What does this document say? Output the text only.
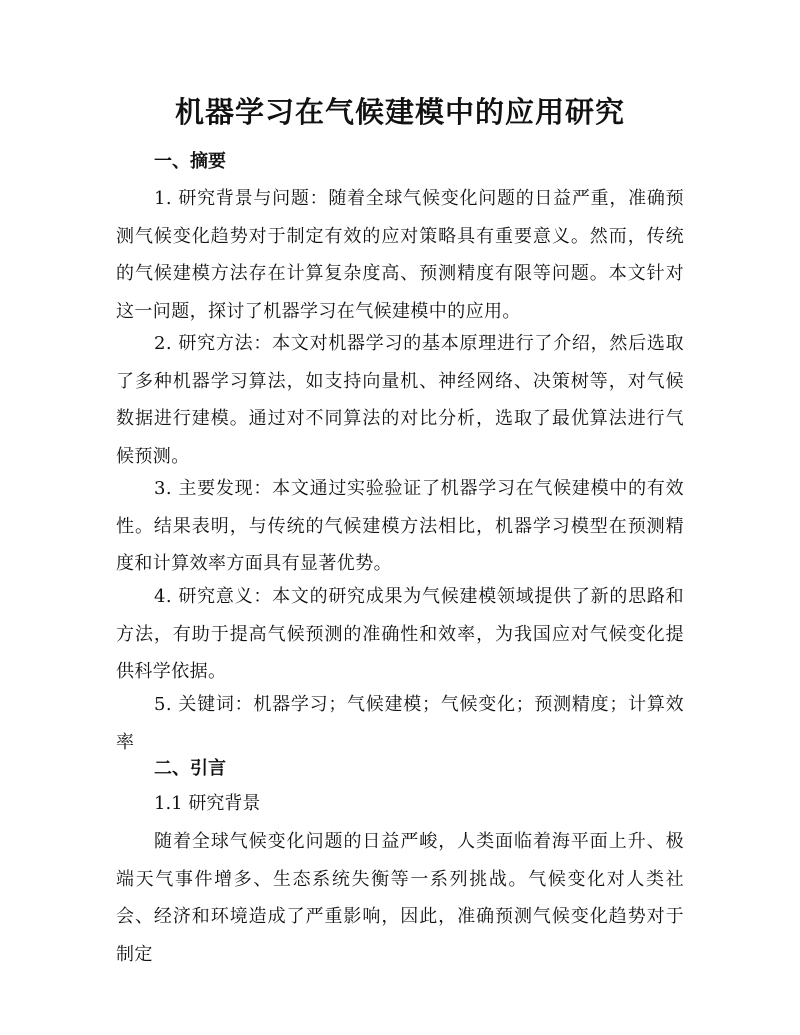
机器学习在气候建模中的应用研究
一、摘要

1. 研究背景与问题：随着全球气候变化问题的日益严重，准确预测气候变化趋势对于制定有效的应对策略具有重要意义。然而，传统的气候建模方法存在计算复杂度高、预测精度有限等问题。本文针对这一问题，探讨了机器学习在气候建模中的应用。

2. 研究方法：本文对机器学习的基本原理进行了介绍，然后选取了多种机器学习算法，如支持向量机、神经网络、决策树等，对气候数据进行建模。通过对不同算法的对比分析，选取了最优算法进行气候预测。

3. 主要发现：本文通过实验验证了机器学习在气候建模中的有效性。结果表明，与传统的气候建模方法相比，机器学习模型在预测精度和计算效率方面具有显著优势。

4. 研究意义：本文的研究成果为气候建模领域提供了新的思路和方法，有助于提高气候预测的准确性和效率，为我国应对气候变化提供科学依据。

5. 关键词：机器学习；气候建模；气候变化；预测精度；计算效率

二、引言

1.1 研究背景

随着全球气候变化问题的日益严峻，人类面临着海平面上升、极端天气事件增多、生态系统失衡等一系列挑战。气候变化对人类社会、经济和环境造成了严重影响，因此，准确预测气候变化趋势对于制定
